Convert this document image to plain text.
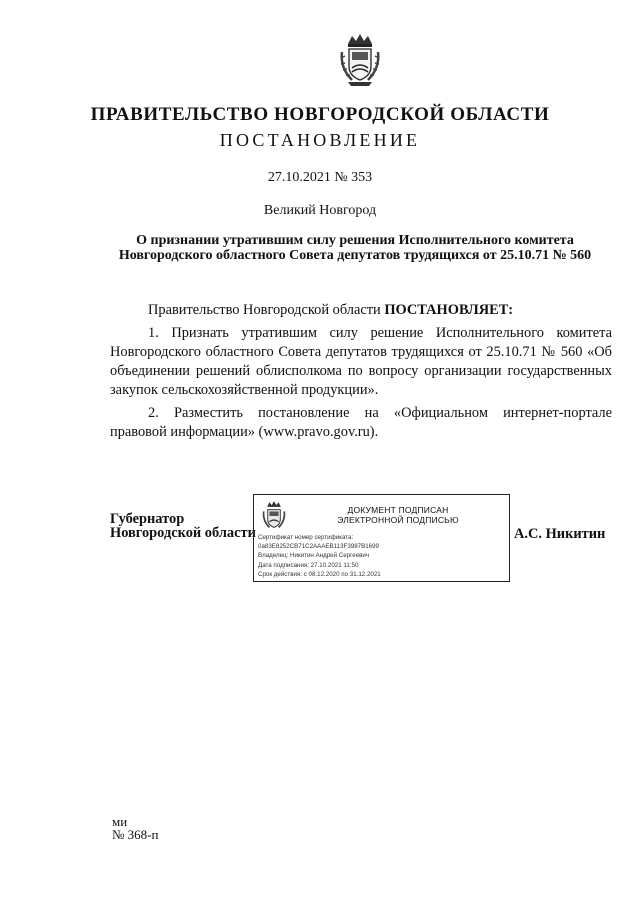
ПРАВИТЕЛЬСТВО НОВГОРОДСКОЙ ОБЛАСТИ
ПОСТАНОВЛЕНИЕ
27.10.2021 № 353
Великий Новгород
О признании утратившим силу решения Исполнительного комитета
Новгородского областного Совета депутатов трудящихся от 25.10.71 № 560
Правительство Новгородской области ПОСТАНОВЛЯЕТ:
1. Признать утратившим силу решение Исполнительного комитета Новгородского областного Совета депутатов трудящихся от 25.10.71 № 560 «Об объединении решений облисполкома по вопросу организации государственных закупок сельскохозяйственной продукции».
2. Разместить постановление на «Официальном интернет-портале правовой информации» (www.pravo.gov.ru).
Губернатор
Новгородской области
ДОКУМЕНТ ПОДПИСАН
ЭЛЕКТРОННОЙ ПОДПИСЬЮ
Сертификат номер сертификата:
0a83E8252CB71C2AAAEB113F3987B1699
Владелец: Никитин Андрей Сергеевич
Дата подписания: 27.10.2021 11:50
Срок действия: с 08.12.2020 по 31.12.2021
А.С. Никитин
ми
№ 368-п
